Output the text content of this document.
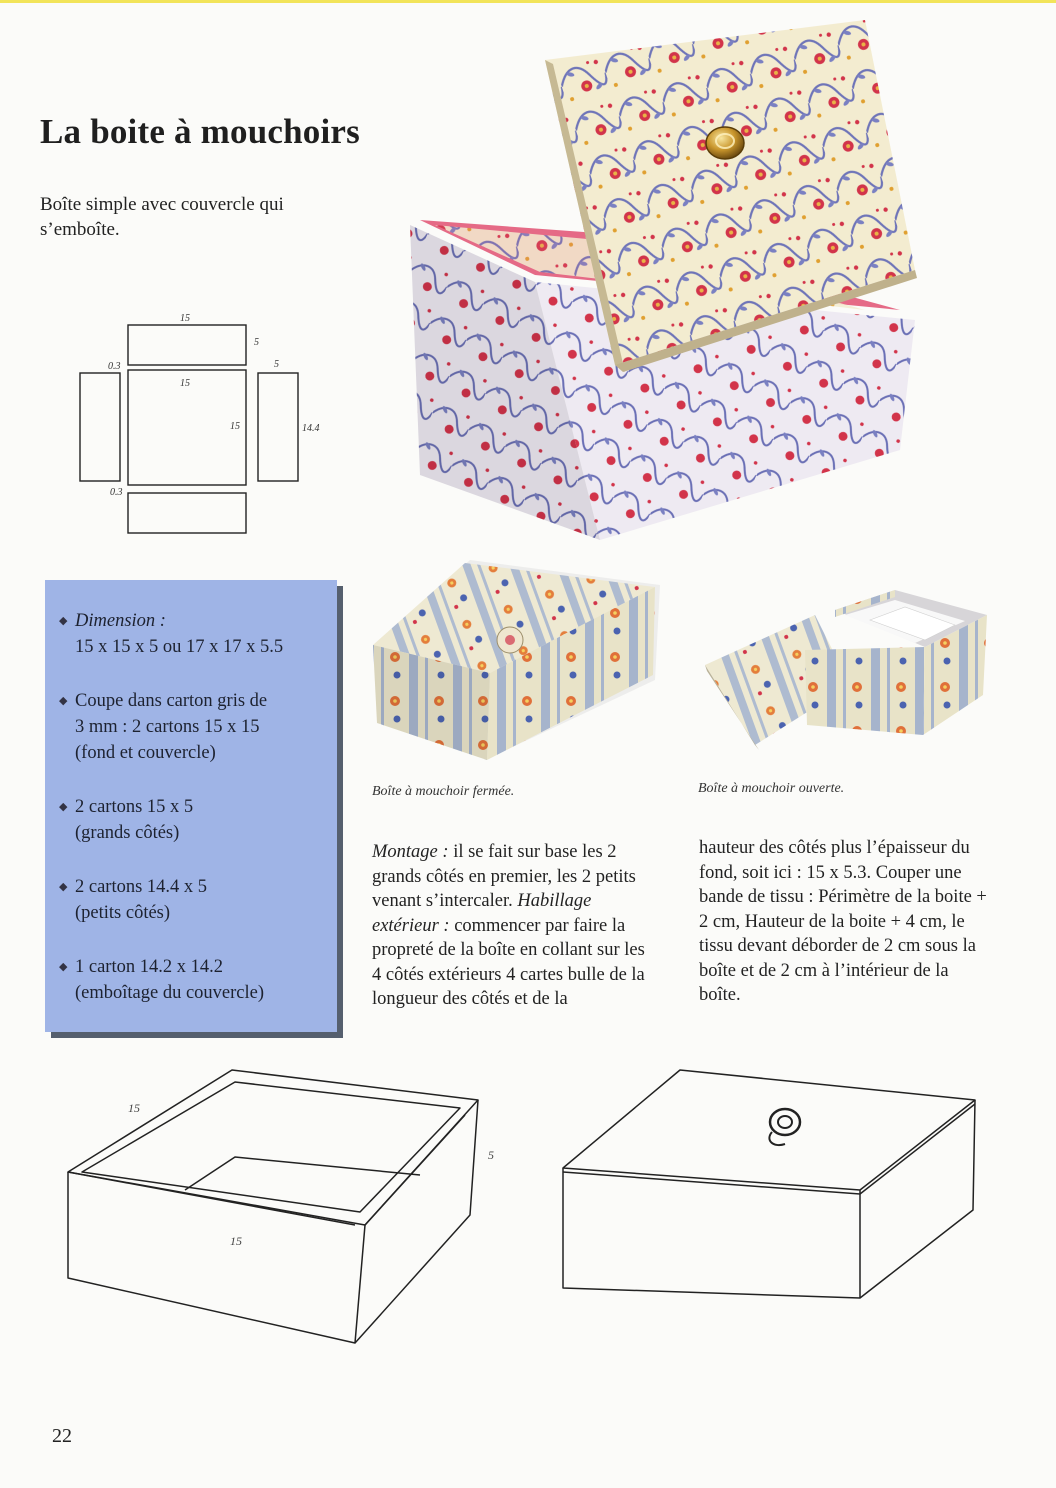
La boite à mouchoirs
Boîte simple avec couvercle qui s’emboîte.
15
5
0.3	5
15
15	14.4
0.3
◆ Dimension :
15 x 15 x 5 ou 17 x 17 x 5.5
◆ Coupe dans carton gris de
3 mm : 2 cartons 15 x 15
(fond et couvercle)
◆ 2 cartons 15 x 5
(grands côtés)
◆ 2 cartons 14.4 x 5
(petits côtés)
◆ 1 carton 14.2 x 14.2
(emboîtage du couvercle)
Boîte à mouchoir fermée.	Boîte à mouchoir ouverte.
Montage : il se fait sur base les 2 grands côtés en premier, les 2 petits venant s’intercaler. Habillage extérieur : commencer par faire la propreté de la boîte en collant sur les 4 côtés extérieurs 4 cartes bulle de la longueur des côtés et de la
hauteur des côtés plus l’épaisseur du fond, soit ici : 15 x 5.3. Couper une bande de tissu : Périmètre de la boite + 2 cm, Hauteur de la boite + 4 cm, le tissu devant déborder de 2 cm sous la boîte et de 2 cm à l’intérieur de la boîte.
15
5
15
22
